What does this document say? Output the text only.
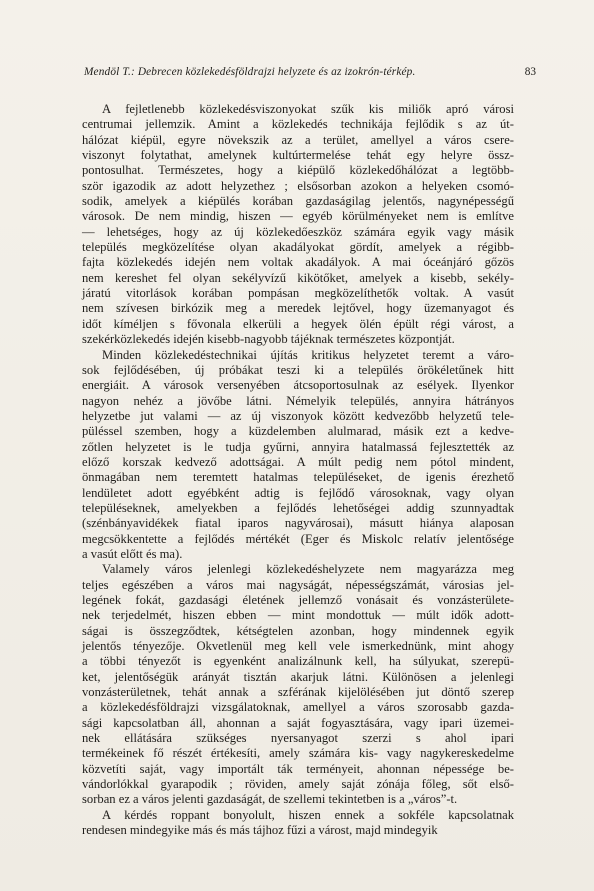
Mendöl T.: Debrecen közlekedésföldrajzi helyzete és az izokrón-térkép.	83
A fejletlenebb közlekedésviszonyokat szűk kis miliők apró városi
centrumai jellemzik. Amint a közlekedés technikája fejlődik s az út-
hálózat kiépül, egyre növekszik az a terület, amellyel a város csere-
viszonyt folytathat, amelynek kultúrtermelése tehát egy helyre össz-
pontosulhat. Természetes, hogy a kiépülő közlekedőhálózat a legtöbb-
ször igazodik az adott helyzethez ; elsősorban azokon a helyeken csomó-
sodik, amelyek a kiépülés korában gazdaságilag jelentős, nagynépességű
városok. De nem mindig, hiszen — egyéb körülményeket nem is említve
— lehetséges, hogy az új közlekedőeszköz számára egyik vagy másik
település megközelítése olyan akadályokat gördít, amelyek a régibb-
fajta közlekedés idején nem voltak akadályok. A mai óceánjáró gőzös
nem kereshet fel olyan sekélyvízű kikötőket, amelyek a kisebb, sekély-
járatú vitorlások korában pompásan megközelíthetők voltak. A vasút
nem szívesen birkózik meg a meredek lejtővel, hogy üzemanyagot és
időt kíméljen s fővonala elkerüli a hegyek ölén épült régi várost, a
szekérközlekedés idején kisebb-nagyobb tájéknak természetes központját.
Minden közlekedéstechnikai újítás kritikus helyzetet teremt a váro-
sok fejlődésében, új próbákat teszi ki a település örökéletűnek hitt
energiáit. A városok versenyében átcsoportosulnak az esélyek. Ilyenkor
nagyon nehéz a jövőbe látni. Némelyik település, annyira hátrányos
helyzetbe jut valami — az új viszonyok között kedvezőbb helyzetű tele-
püléssel szemben, hogy a küzdelemben alulmarad, másik ezt a kedve-
zőtlen helyzetet is le tudja gyűrni, annyira hatalmassá fejlesztették az
előző korszak kedvező adottságai. A múlt pedig nem pótol mindent,
önmagában nem teremtett hatalmas településeket, de igenis érezhető
lendületet adott egyébként adtig is fejlődő városoknak, vagy olyan
településeknek, amelyekben a fejlődés lehetőségei addig szunnyadtak
(szénbányavidékek fiatal iparos nagyvárosai), másutt hiánya alaposan
megcsökkentette a fejlődés mértékét (Eger és Miskolc relatív jelentősége
a vasút előtt és ma).
Valamely város jelenlegi közlekedéshelyzete nem magyarázza meg
teljes egészében a város mai nagyságát, népességszámát, városias jel-
legének fokát, gazdasági életének jellemző vonásait és vonzásterülete-
nek terjedelmét, hiszen ebben — mint mondottuk — múlt idők adott-
ságai is összegződtek, kétségtelen azonban, hogy mindennek egyik
jelentős tényezője. Okvetlenül meg kell vele ismerkednünk, mint ahogy
a többi tényezőt is egyenként analizálnunk kell, ha súlyukat, szerepü-
ket, jelentőségük arányát tisztán akarjuk látni. Különösen a jelenlegi
vonzásterületnek, tehát annak a szférának kijelölésében jut döntő szerep
a közlekedésföldrajzi vizsgálatoknak, amellyel a város szorosabb gazda-
sági kapcsolatban áll, ahonnan a saját fogyasztására, vagy ipari üzemei-
nek ellátására szükséges nyersanyagot szerzi s ahol ipari
termékeinek fő részét értékesíti, amely számára kis- vagy nagykereskedelme
közvetíti saját, vagy importált ták terményeit, ahonnan népessége be-
vándorlókkal gyarapodik ; röviden, amely saját zónája főleg, sőt első-
sorban ez a város jelenti gazdaságát, de szellemi tekintetben is a „város”-t.
A kérdés roppant bonyolult, hiszen ennek a sokféle kapcsolatnak
rendesen mindegyike más és más tájhoz fűzi a várost, majd mindegyik
